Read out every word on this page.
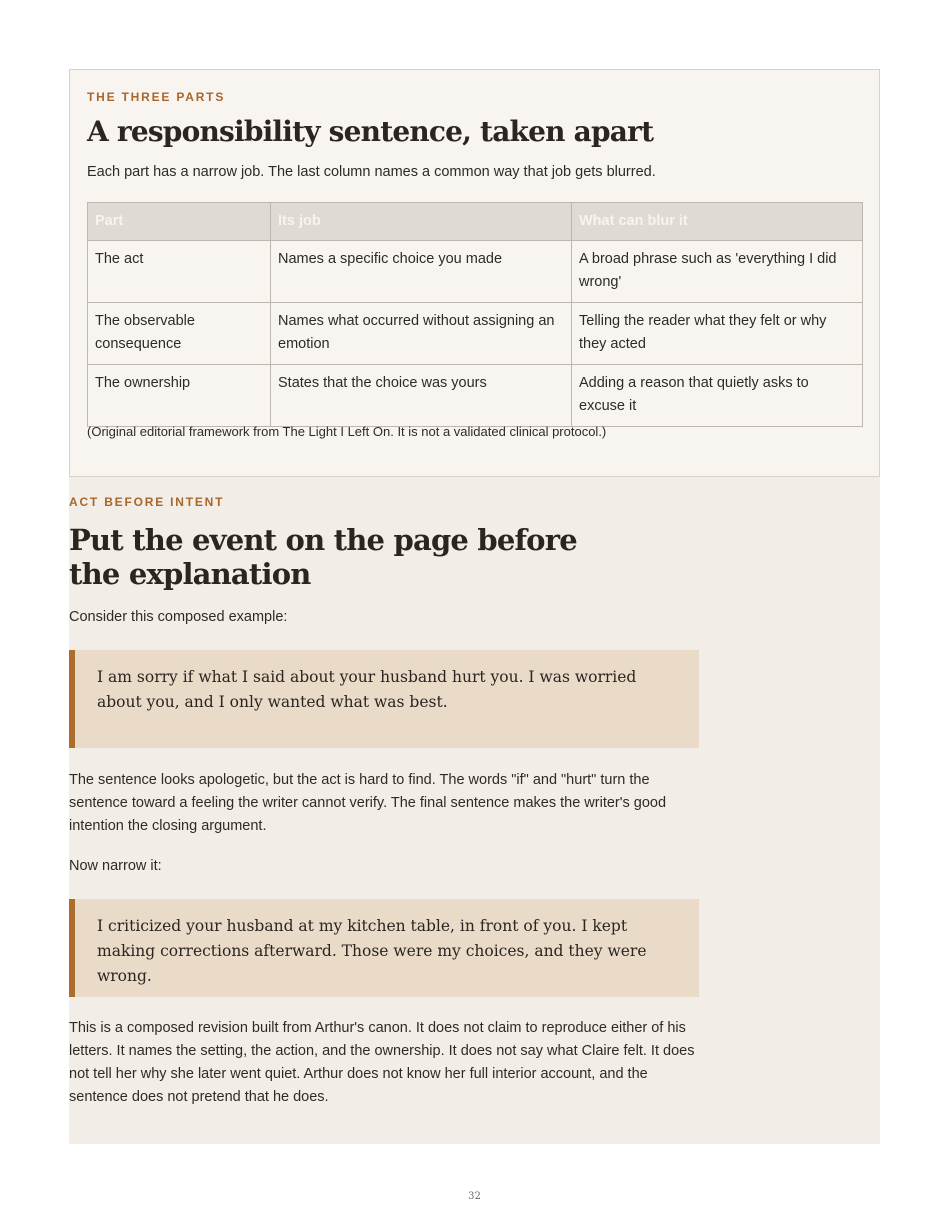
THE THREE PARTS
A responsibility sentence, taken apart

Each part has a narrow job. The last column names a common way that job gets blurred.

Part	Its job	What can blur it
The act	Names a specific choice you made	A broad phrase such as 'everything I did wrong'
The observable consequence	Names what occurred without assigning an emotion	Telling the reader what they felt or why they acted
The ownership	States that the choice was yours	Adding a reason that quietly asks to excuse it
(Original editorial framework from The Light I Left On. It is not a validated clinical protocol.)
ACT BEFORE INTENT
Put the event on the page before the explanation

Consider this composed example:

I am sorry if what I said about your husband hurt you. I was worried about you, and I only wanted what was best.

The sentence looks apologetic, but the act is hard to find. The words "if" and "hurt" turn the sentence toward a feeling the writer cannot verify. The final sentence makes the writer's good intention the closing argument.

Now narrow it:

I criticized your husband at my kitchen table, in front of you. I kept making corrections afterward. Those were my choices, and they were wrong.

This is a composed revision built from Arthur's canon. It does not claim to reproduce either of his letters. It names the setting, the action, and the ownership. It does not say what Claire felt. It does not tell her why she later went quiet. Arthur does not know her full interior account, and the sentence does not pretend that he does.

32
